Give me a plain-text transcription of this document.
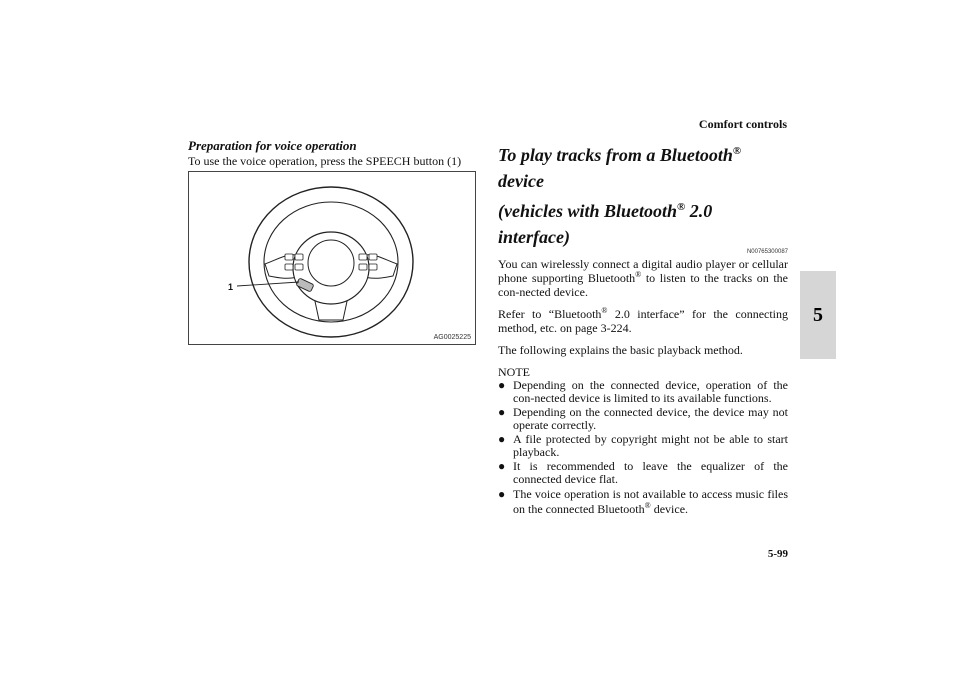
Comfort controls
5
Preparation for voice operation
To use the voice operation, press the SPEECH button (1)
1
AG0025225
To play tracks from a Bluetooth® device
(vehicles with Bluetooth® 2.0 interface)
N00765300087

You can wirelessly connect a digital audio player or cellular phone supporting Bluetooth® to listen to the tracks on the con-nected device.

Refer to “Bluetooth® 2.0 interface” for the connecting method, etc. on page 3-224.

The following explains the basic playback method.

NOTE
● Depending on the connected device, operation of the con-nected device is limited to its available functions.
● Depending on the connected device, the device may not operate correctly.
● A file protected by copyright might not be able to start playback.
● It is recommended to leave the equalizer of the connected device flat.
● The voice operation is not available to access music files on the connected Bluetooth® device.
5-99
